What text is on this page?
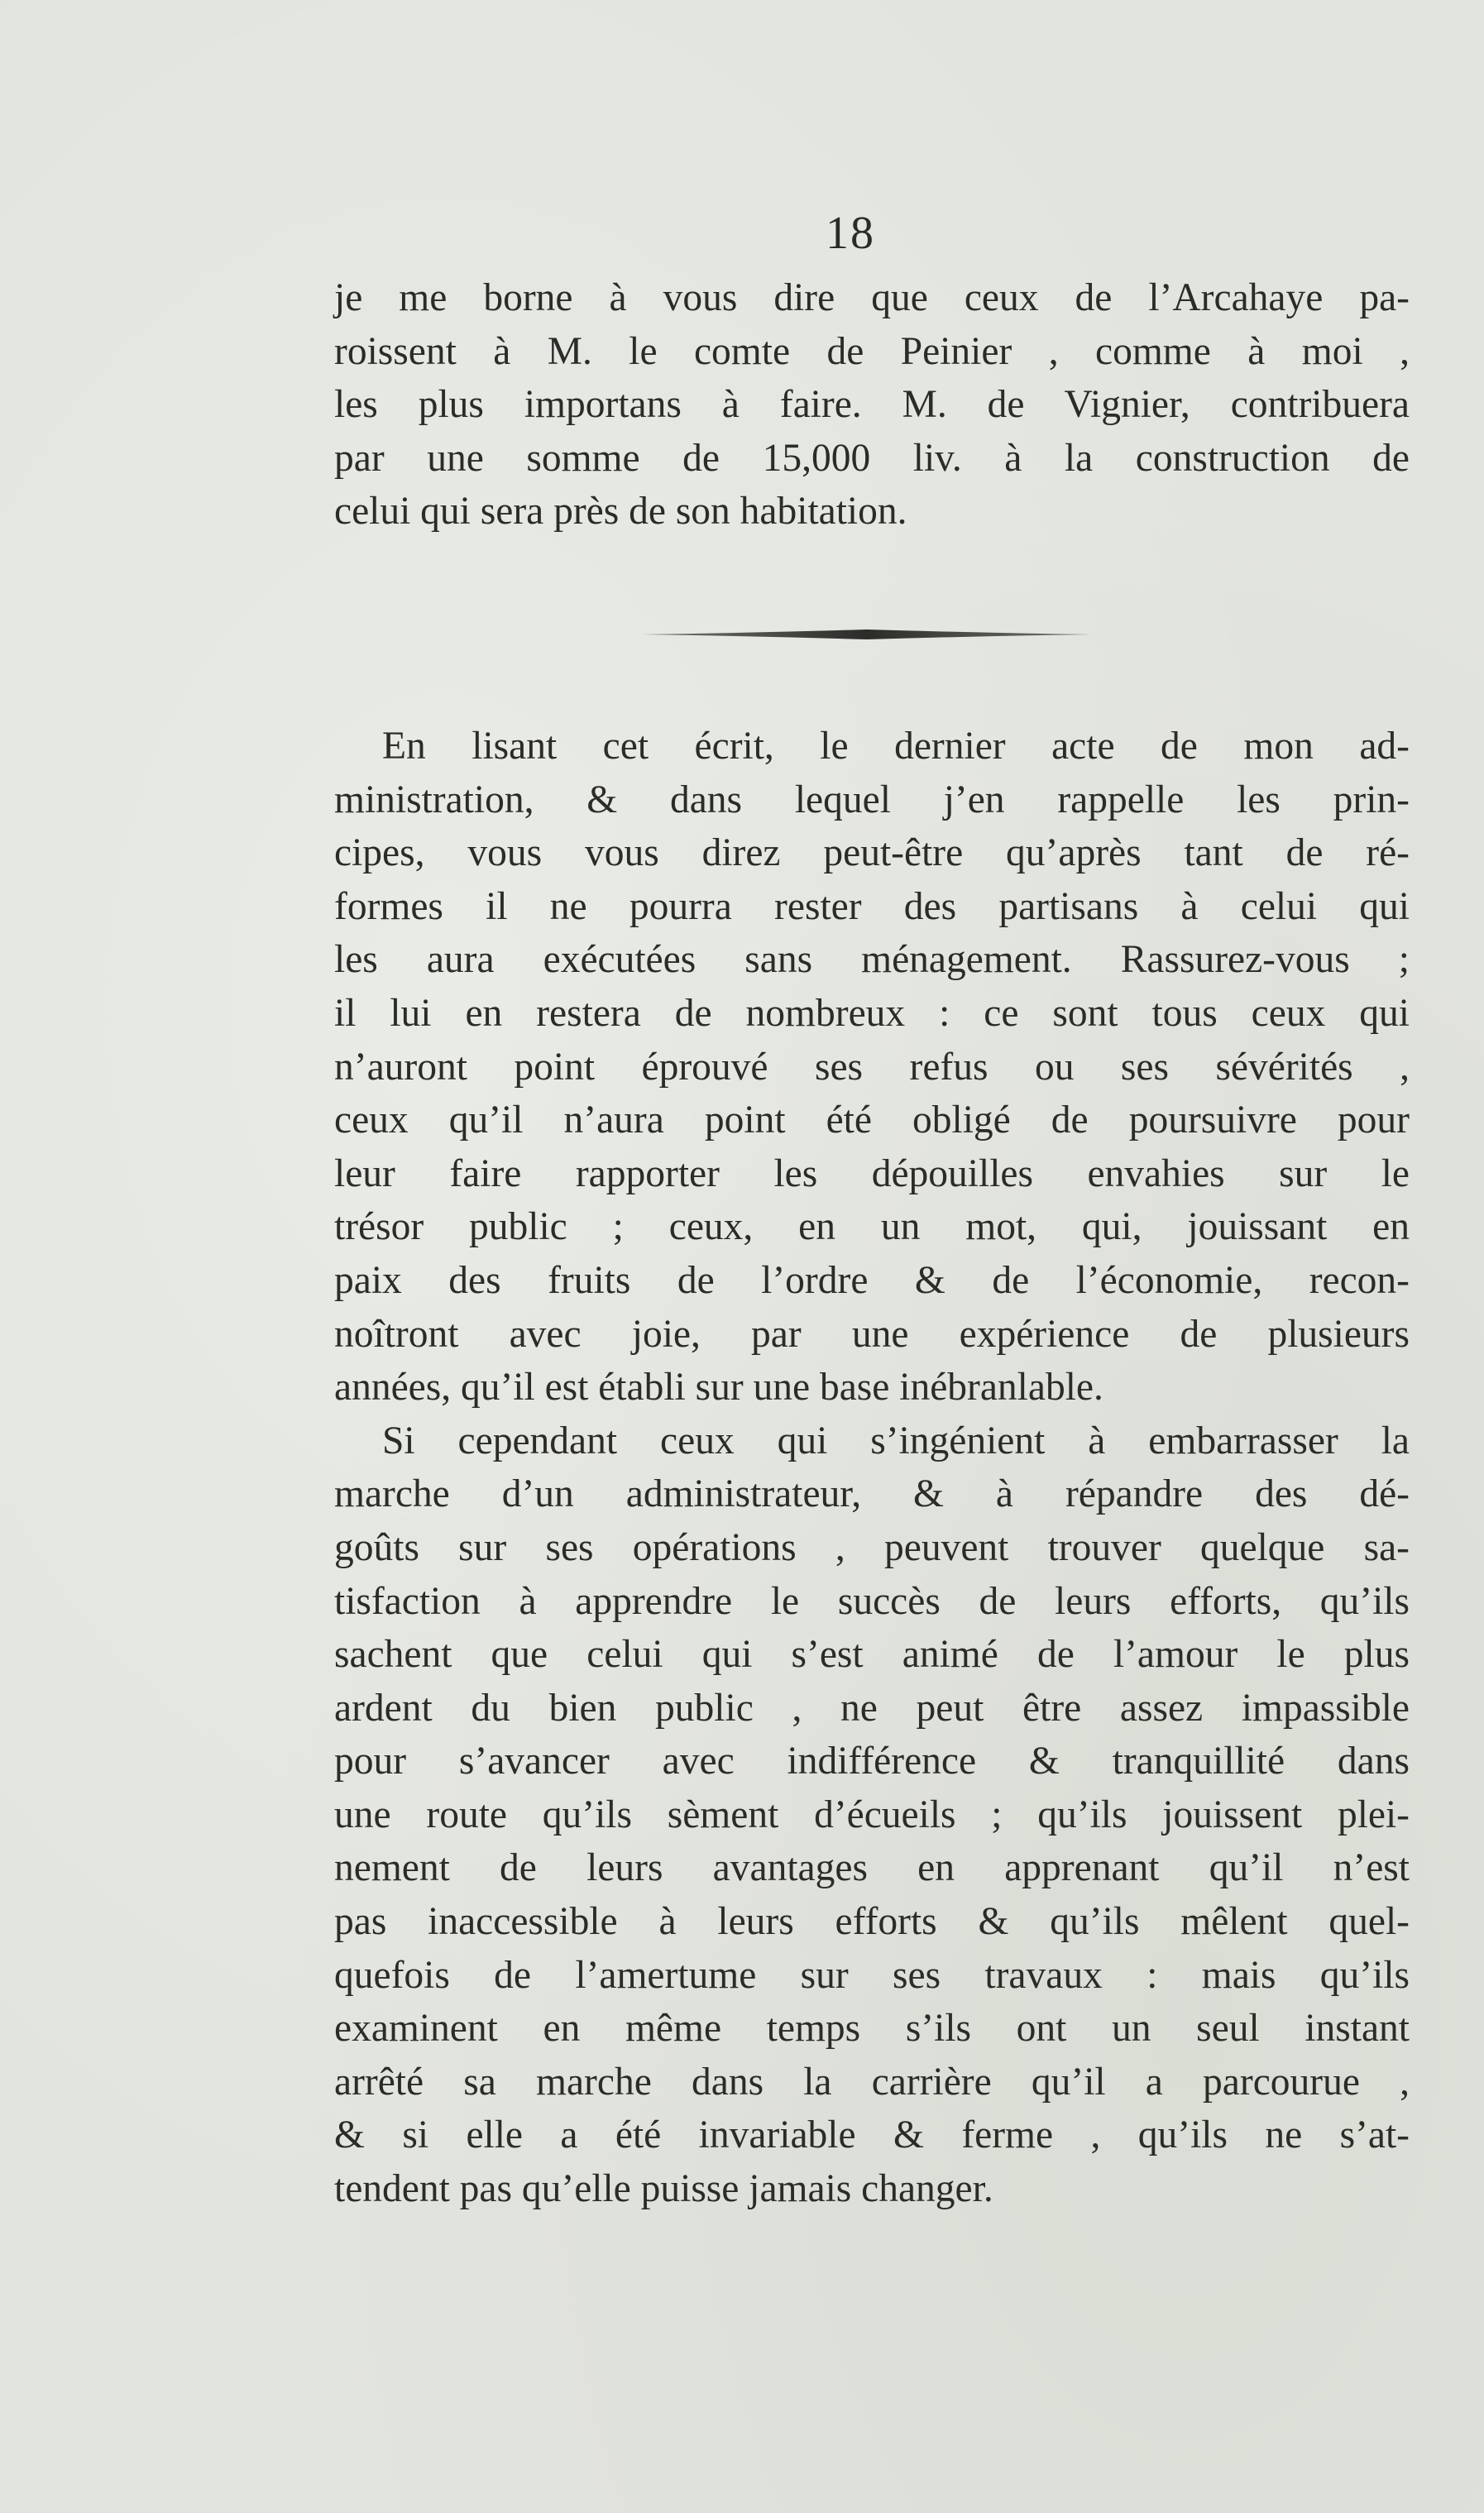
18
je me borne à vous dire que ceux de l’Arcahaye pa-
roissent à M. le comte de Peinier , comme à moi ,
les plus importans à faire. M. de Vignier, contribuera
par une somme de 15,000 liv. à la construction de
celui qui sera près de son habitation.
En lisant cet écrit, le dernier acte de mon ad-
ministration, & dans lequel j’en rappelle les prin-
cipes, vous vous direz peut-être qu’après tant de ré-
formes il ne pourra rester des partisans à celui qui
les aura exécutées sans ménagement. Rassurez-vous ;
il lui en restera de nombreux : ce sont tous ceux qui
n’auront point éprouvé ses refus ou ses sévérités ,
ceux qu’il n’aura point été obligé de poursuivre pour
leur faire rapporter les dépouilles envahies sur le
trésor public ; ceux, en un mot, qui, jouissant en
paix des fruits de l’ordre & de l’économie, recon-
noîtront avec joie, par une expérience de plusieurs
années, qu’il est établi sur une base inébranlable.
Si cependant ceux qui s’ingénient à embarrasser la
marche d’un administrateur, & à répandre des dé-
goûts sur ses opérations , peuvent trouver quelque sa-
tisfaction à apprendre le succès de leurs efforts, qu’ils
sachent que celui qui s’est animé de l’amour le plus
ardent du bien public , ne peut être assez impassible
pour s’avancer avec indifférence & tranquillité dans
une route qu’ils sèment d’écueils ; qu’ils jouissent plei-
nement de leurs avantages en apprenant qu’il n’est
pas inaccessible à leurs efforts & qu’ils mêlent quel-
quefois de l’amertume sur ses travaux : mais qu’ils
examinent en même temps s’ils ont un seul instant
arrêté sa marche dans la carrière qu’il a parcourue ,
& si elle a été invariable & ferme , qu’ils ne s’at-
tendent pas qu’elle puisse jamais changer.
